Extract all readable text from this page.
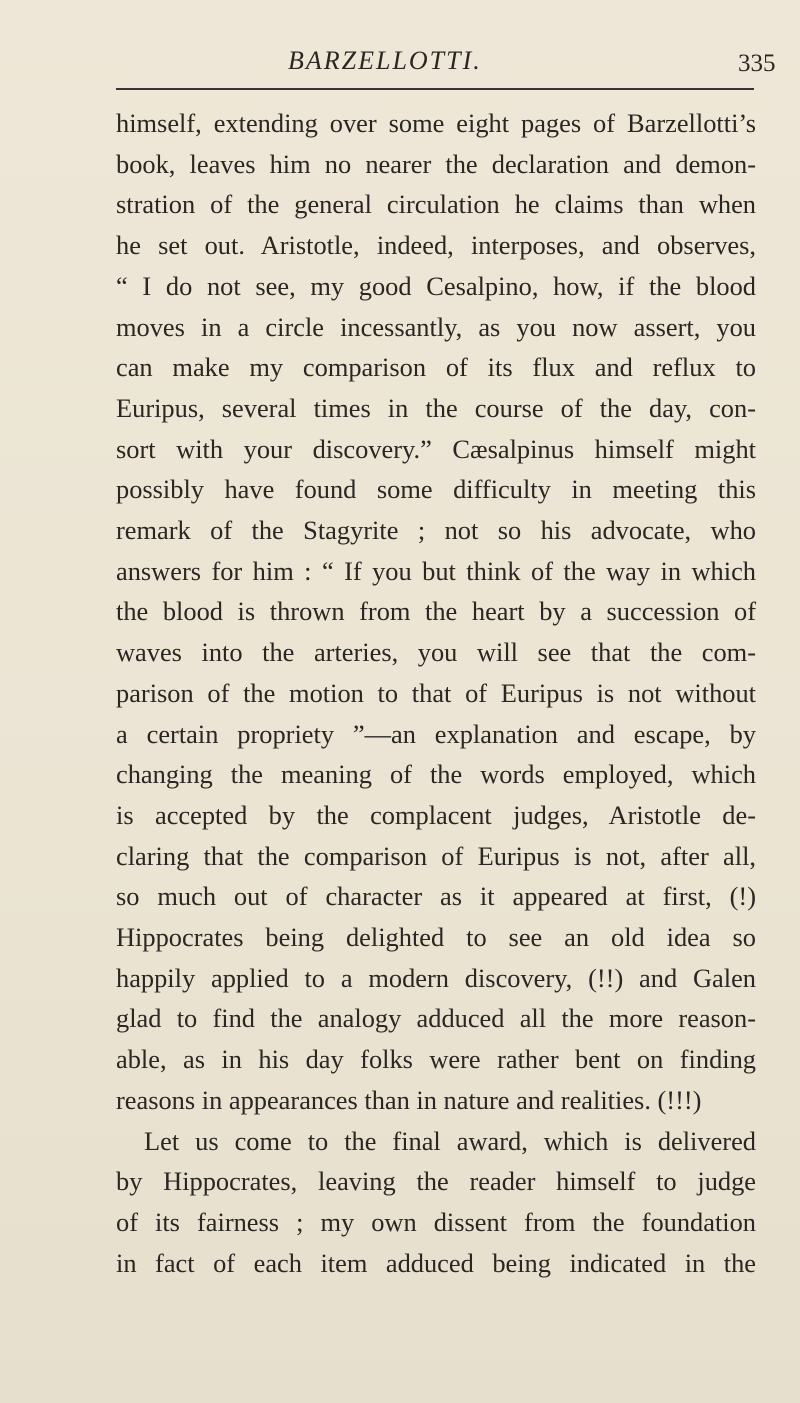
BARZELLOTTI.	335
himself, extending over some eight pages of Barzellotti’s
book, leaves him no nearer the declaration and demon-
stration of the general circulation he claims than when
he set out. Aristotle, indeed, interposes, and observes,
“ I do not see, my good Cesalpino, how, if the blood
moves in a circle incessantly, as you now assert, you
can make my comparison of its flux and reflux to
Euripus, several times in the course of the day, con-
sort with your discovery.” Cæsalpinus himself might
possibly have found some difficulty in meeting this
remark of the Stagyrite ; not so his advocate, who
answers for him : “ If you but think of the way in which
the blood is thrown from the heart by a succession of
waves into the arteries, you will see that the com-
parison of the motion to that of Euripus is not without
a certain propriety ”—an explanation and escape, by
changing the meaning of the words employed, which
is accepted by the complacent judges, Aristotle de-
claring that the comparison of Euripus is not, after all,
so much out of character as it appeared at first, (!)
Hippocrates being delighted to see an old idea so
happily applied to a modern discovery, (!!) and Galen
glad to find the analogy adduced all the more reason-
able, as in his day folks were rather bent on finding
reasons in appearances than in nature and realities. (!!!)
Let us come to the final award, which is delivered
by Hippocrates, leaving the reader himself to judge
of its fairness ; my own dissent from the foundation
in fact of each item adduced being indicated in the
